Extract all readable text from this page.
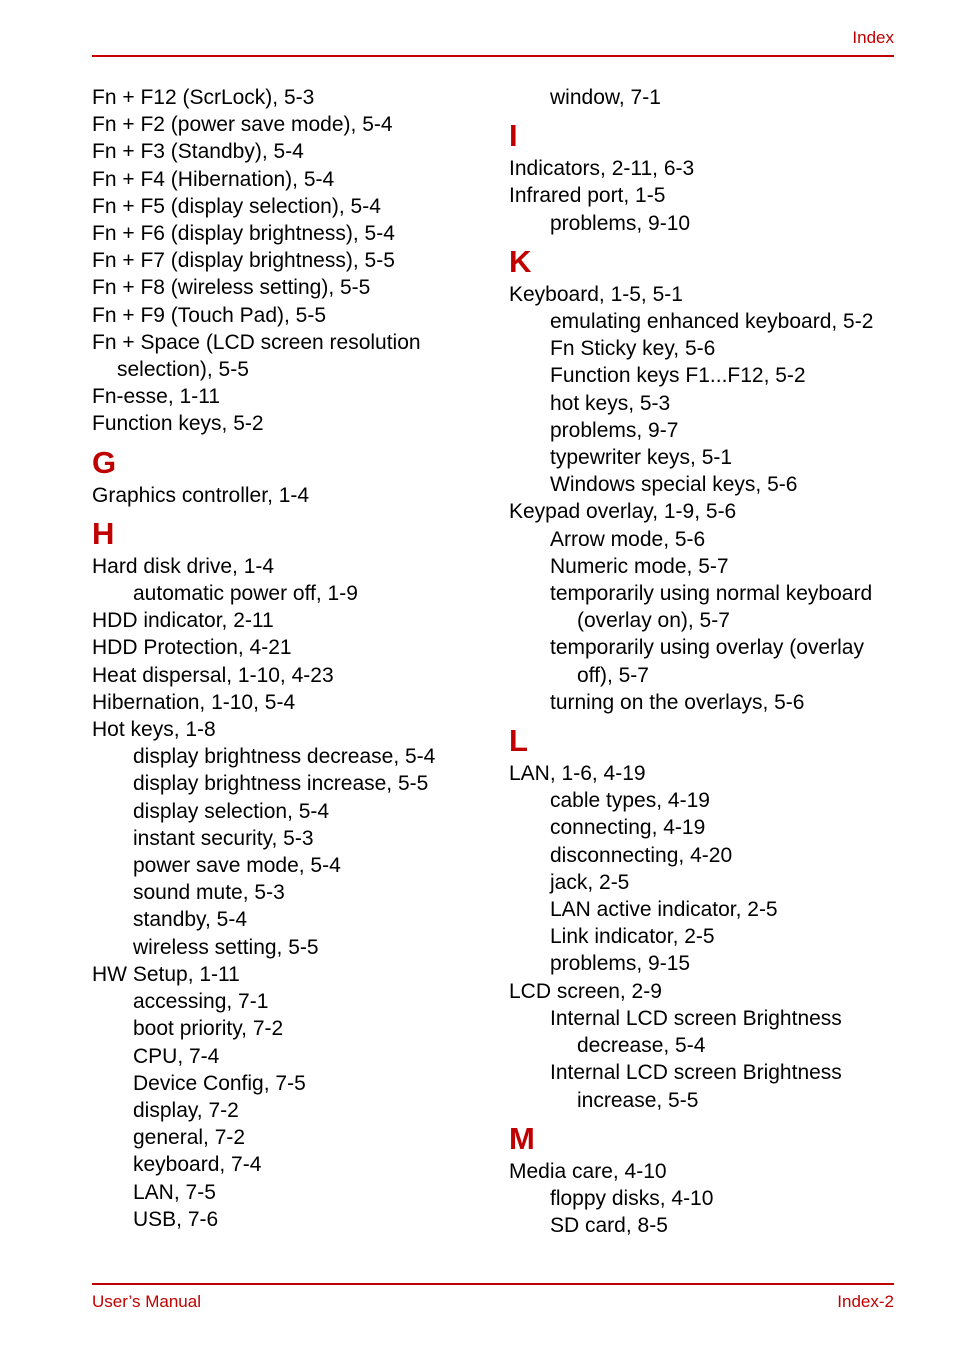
Index
Fn + F12 (ScrLock), 5-3
Fn + F2 (power save mode), 5-4
Fn + F3 (Standby), 5-4
Fn + F4 (Hibernation), 5-4
Fn + F5 (display selection), 5-4
Fn + F6 (display brightness), 5-4
Fn + F7 (display brightness), 5-5
Fn + F8 (wireless setting), 5-5
Fn + F9 (Touch Pad), 5-5
Fn + Space (LCD screen resolution
selection), 5-5
Fn-esse, 1-11
Function keys, 5-2
G
Graphics controller, 1-4
H
Hard disk drive, 1-4
automatic power off, 1-9
HDD indicator, 2-11
HDD Protection, 4-21
Heat dispersal, 1-10, 4-23
Hibernation, 1-10, 5-4
Hot keys, 1-8
display brightness decrease, 5-4
display brightness increase, 5-5
display selection, 5-4
instant security, 5-3
power save mode, 5-4
sound mute, 5-3
standby, 5-4
wireless setting, 5-5
HW Setup, 1-11
accessing, 7-1
boot priority, 7-2
CPU, 7-4
Device Config, 7-5
display, 7-2
general, 7-2
keyboard, 7-4
LAN, 7-5
USB, 7-6
window, 7-1
I
Indicators, 2-11, 6-3
Infrared port, 1-5
problems, 9-10
K
Keyboard, 1-5, 5-1
emulating enhanced keyboard, 5-2
Fn Sticky key, 5-6
Function keys F1...F12, 5-2
hot keys, 5-3
problems, 9-7
typewriter keys, 5-1
Windows special keys, 5-6
Keypad overlay, 1-9, 5-6
Arrow mode, 5-6
Numeric mode, 5-7
temporarily using normal keyboard
(overlay on), 5-7
temporarily using overlay (overlay
off), 5-7
turning on the overlays, 5-6
L
LAN, 1-6, 4-19
cable types, 4-19
connecting, 4-19
disconnecting, 4-20
jack, 2-5
LAN active indicator, 2-5
Link indicator, 2-5
problems, 9-15
LCD screen, 2-9
Internal LCD screen Brightness
decrease, 5-4
Internal LCD screen Brightness
increase, 5-5
M
Media care, 4-10
floppy disks, 4-10
SD card, 8-5
User’s Manual	Index-2
